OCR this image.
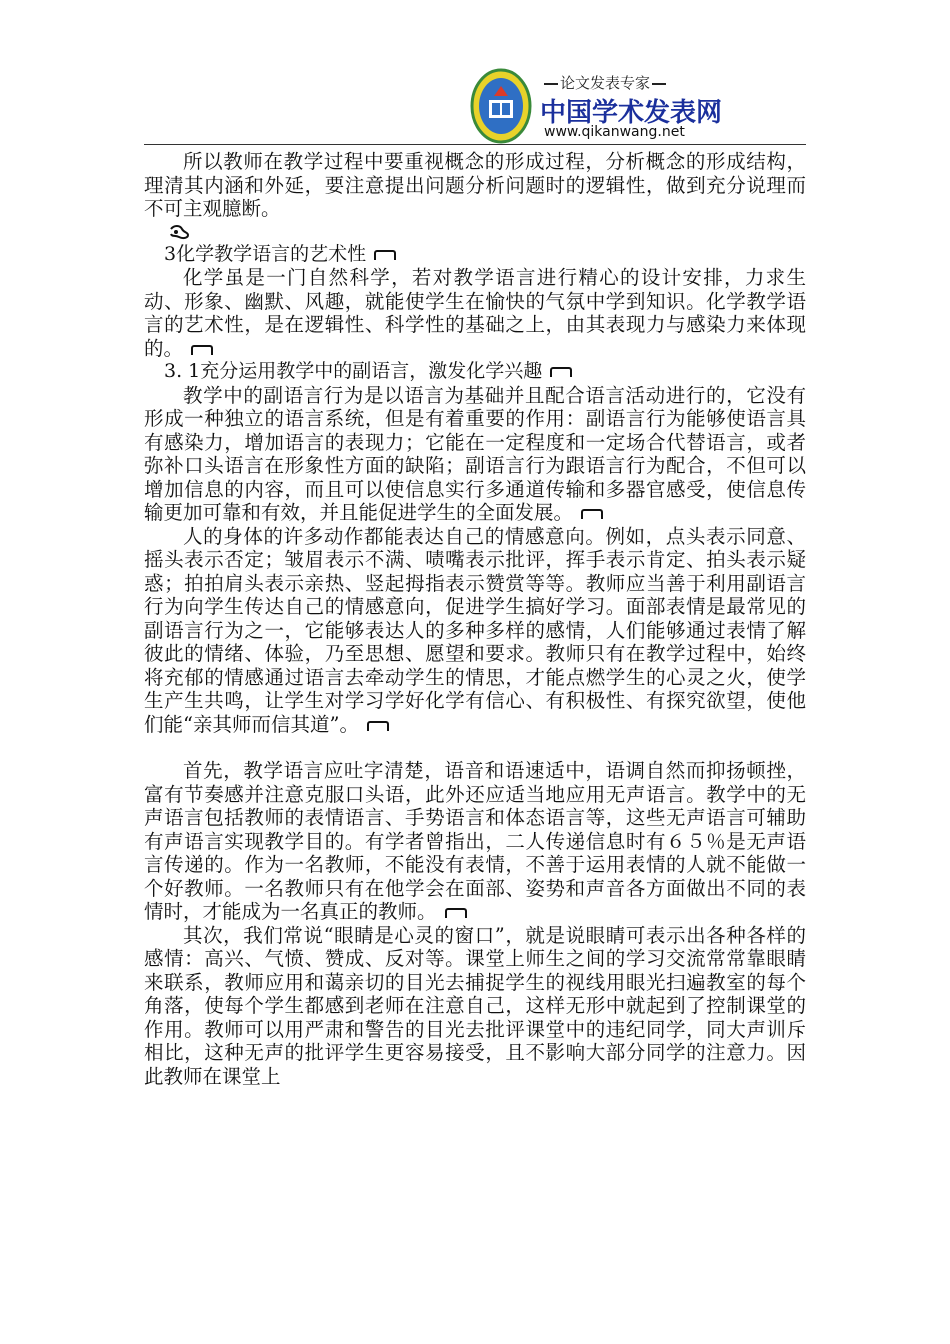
论文发表专家
中国学术发表网
www.qikanwang.net

所以教师在教学过程中要重视概念的形成过程，分析概念的形成结构，理清其内涵和外延，要注意提出问题分析问题时的逻辑性，做到充分说理而不可主观臆断。

3化学教学语言的艺术性

化学虽是一门自然科学，若对教学语言进行精心的设计安排，力求生动、形象、幽默、风趣，就能使学生在愉快的气氛中学到知识。化学教学语言的艺术性，是在逻辑性、科学性的基础之上，由其表现力与感染力来体现的。

3. 1充分运用教学中的副语言，激发化学兴趣

教学中的副语言行为是以语言为基础并且配合语言活动进行的，它没有形成一种独立的语言系统，但是有着重要的作用：副语言行为能够使语言具有感染力，增加语言的表现力；它能在一定程度和一定场合代替语言，或者弥补口头语言在形象性方面的缺陷；副语言行为跟语言行为配合，不但可以增加信息的内容，而且可以使信息实行多通道传输和多器官感受，使信息传输更加可靠和有效，并且能促进学生的全面发展。

人的身体的许多动作都能表达自己的情感意向。例如，点头表示同意、摇头表示否定；皱眉表示不满、啧嘴表示批评，挥手表示肯定、拍头表示疑惑；拍拍肩头表示亲热、竖起拇指表示赞赏等等。教师应当善于利用副语言行为向学生传达自己的情感意向，促进学生搞好学习。面部表情是最常见的副语言行为之一，它能够表达人的多种多样的感情，人们能够通过表情了解彼此的情绪、体验，乃至思想、愿望和要求。教师只有在教学过程中，始终将充郁的情感通过语言去牵动学生的情思，才能点燃学生的心灵之火，使学生产生共鸣，让学生对学习学好化学有信心、有积极性、有探究欲望，使他们能“亲其师而信其道”。

首先，教学语言应吐字清楚，语音和语速适中，语调自然而抑扬顿挫，富有节奏感并注意克服口头语，此外还应适当地应用无声语言。教学中的无声语言包括教师的表情语言、手势语言和体态语言等，这些无声语言可辅助有声语言实现教学目的。有学者曾指出，二人传递信息时有６５％是无声语言传递的。作为一名教师，不能没有表情，不善于运用表情的人就不能做一个好教师。一名教师只有在他学会在面部、姿势和声音各方面做出不同的表情时，才能成为一名真正的教师。

其次，我们常说“眼睛是心灵的窗口”，就是说眼睛可表示出各种各样的感情：高兴、气愤、赞成、反对等。课堂上师生之间的学习交流常常靠眼睛来联系，教师应用和蔼亲切的目光去捕捉学生的视线用眼光扫遍教室的每个角落，使每个学生都感到老师在注意自己，这样无形中就起到了控制课堂的作用。教师可以用严肃和警告的目光去批评课堂中的违纪同学，同大声训斥相比，这种无声的批评学生更容易接受，且不影响大部分同学的注意力。因此教师在课堂上
